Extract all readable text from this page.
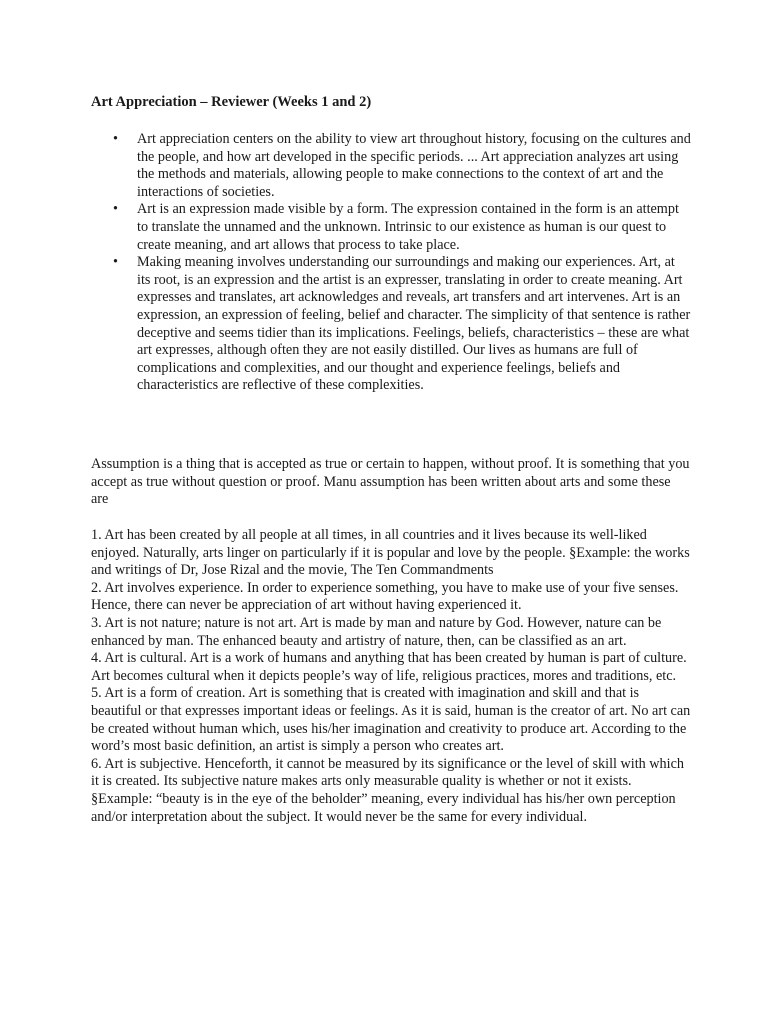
Art Appreciation – Reviewer (Weeks 1 and 2)
• Art appreciation centers on the ability to view art throughout history, focusing on the cultures and the people, and how art developed in the specific periods. ... Art appreciation analyzes art using the methods and materials, allowing people to make connections to the context of art and the interactions of societies.
• Art is an expression made visible by a form. The expression contained in the form is an attempt to translate the unnamed and the unknown. Intrinsic to our existence as human is our quest to create meaning, and art allows that process to take place.
• Making meaning involves understanding our surroundings and making our experiences. Art, at its root, is an expression and the artist is an expresser, translating in order to create meaning. Art expresses and translates, art acknowledges and reveals, art transfers and art intervenes. Art is an expression, an expression of feeling, belief and character. The simplicity of that sentence is rather deceptive and seems tidier than its implications. Feelings, beliefs, characteristics – these are what art expresses, although often they are not easily distilled. Our lives as humans are full of complications and complexities, and our thought and experience feelings, beliefs and characteristics are reflective of these complexities.

Assumption is a thing that is accepted as true or certain to happen, without proof. It is something that you accept as true without question or proof. Manu assumption has been written about arts and some these are

1. Art has been created by all people at all times, in all countries and it lives because its well-liked enjoyed. Naturally, arts linger on particularly if it is popular and love by the people. §Example: the works and writings of Dr, Jose Rizal and the movie, The Ten Commandments

2. Art involves experience. In order to experience something, you have to make use of your five senses. Hence, there can never be appreciation of art without having experienced it.

3. Art is not nature; nature is not art. Art is made by man and nature by God. However, nature can be enhanced by man. The enhanced beauty and artistry of nature, then, can be classified as an art.

4. Art is cultural. Art is a work of humans and anything that has been created by human is part of culture. Art becomes cultural when it depicts people’s way of life, religious practices, mores and traditions, etc.

5. Art is a form of creation. Art is something that is created with imagination and skill and that is beautiful or that expresses important ideas or feelings. As it is said, human is the creator of art. No art can be created without human which, uses his/her imagination and creativity to produce art. According to the word’s most basic definition, an artist is simply a person who creates art.

6. Art is subjective. Henceforth, it cannot be measured by its significance or the level of skill with which it is created. Its subjective nature makes arts only measurable quality is whether or not it exists. §Example: “beauty is in the eye of the beholder” meaning, every individual has his/her own perception and/or interpretation about the subject. It would never be the same for every individual.
